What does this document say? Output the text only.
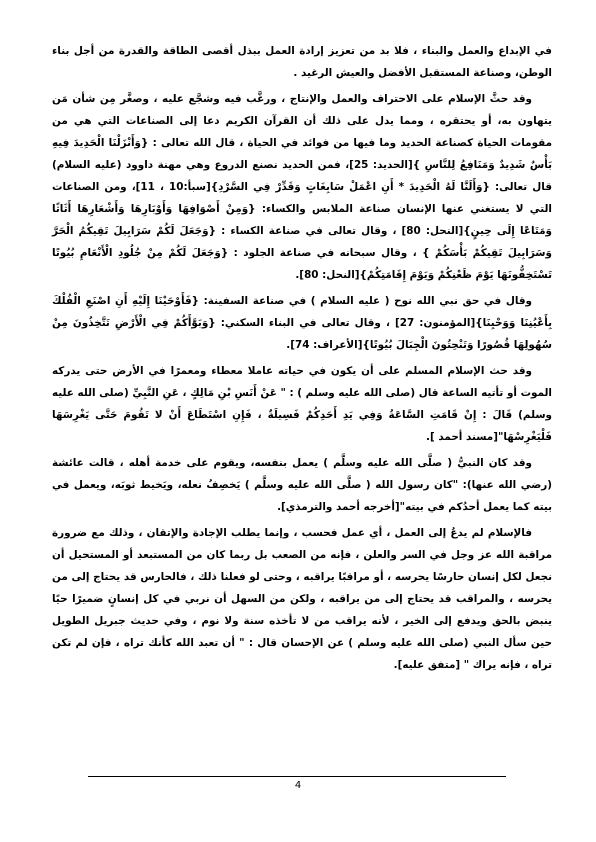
في الإبداع والعمل والبناء ، فلا بد من تعزيز إرادة العمل ببذل أقصى الطاقة والقدرة من أجل بناء الوطن، وصناعة المستقبل الأفضل والعيش الرغيد .

وقد حثَّ الإسلام على الاحتراف والعمل والإنتاج ، ورغَّب فيه وشجَّع عليه ، وصغَّر مِن شأن مَن يتهاون به، أو يحتقره ، ومما يدل على ذلك أن القرآن الكريم دعا إلى الصناعات التي هي من مقومات الحياة كصناعة الحديد وما فيها من فوائد في الحياة ، قال الله تعالى : {وَأَنْزَلْنَا الْحَدِيدَ فِيهِ بَأْسٌ شَدِيدٌ وَمَنَافِعُ لِلنَّاسِ }[الحديد: 25]، فمن الحديد نصنع الدروع وهي مهنة داوود (عليه السلام) قال تعالى: {وَأَلَنَّا لَهُ الْحَدِيدَ * أَنِ اعْمَلْ سَابِغَاتٍ وَقَدِّرْ فِي السَّرْدِ}[سبأ:10 ، 11]، ومن الصناعات التي لا يستغني عنها الإنسان صناعة الملابس والكساء: {وَمِنْ أَصْوَافِهَا وَأَوْبَارِهَا وَأَشْعَارِهَا أَثَاثًا وَمَتَاعًا إِلَى حِينٍ}[النحل: 80] ، وقال تعالى في صناعة الكساء : {وَجَعَلَ لَكُمْ سَرَابِيلَ تَقِيكُمُ الْحَرَّ وَسَرَابِيلَ تَقِيكُمْ بَأْسَكُمْ } ، وقال سبحانه في صناعة الجلود : {وَجَعَلَ لَكُمْ مِنْ جُلُودِ الْأَنْعَامِ بُيُوتًا تَسْتَخِفُّونَهَا يَوْمَ ظَعْنِكُمْ وَيَوْمَ إِقَامَتِكُمْ}[النحل: 80].

وقال في حق نبي الله نوح ( عليه السلام ) في صناعة السفينة: {فَأَوْحَيْنَا إِلَيْهِ أَنِ اصْنَعِ الْفُلْكَ بِأَعْيُنِنَا وَوَحْيِنَا}[المؤمنون: 27] ، وقال تعالى في البناء السكني: {وَبَوَّأَكُمْ فِي الْأَرْضِ تَتَّخِذُونَ مِنْ سُهُولِهَا قُصُورًا وَتَنْحِتُونَ الْجِبَالَ بُيُوتًا}[الأعراف: 74].

وقد حث الإسلام المسلم على أن يكون في حياته عاملا معطاء ومعمرًا في الأرض حتى يدركه الموت أو تأتيه الساعة قال (صلى الله عليه وسلم ) : " عَنْ أَنَسِ بْنِ مَالِكٍ ، عَنِ النَّبِيِّ (صلى الله عليه وسلم) قَالَ : إِنْ قَامَتِ السَّاعَةُ وَفِي يَدِ أَحَدِكُمْ فَسِيلَةٌ ، فَإِنِ اسْتَطَاعَ أَنْ لا تَقُومَ حَتَّى يَغْرِسَهَا فَلْيَغْرِسْهَا"[مسند أحمد ].

وقد كان النبيُّ ( صلَّى الله عليه وسلَّم ) يعمل بنفسه، ويقوم على خدمة أهله ، قالت عائشة (رضي الله عنها): "كان رسول الله ( صلَّى الله عليه وسلَّم ) يَخصِفُ نعله، ويَخيط ثوبَه، ويعمل في بيته كما يعمل أحدُكم في بيته"[أخرجه أحمد والترمذي].

فالإسلام لم يدعُ إلى العمل ، أي عمل فحسب ، وإنما يطلب الإجادة والإتقان ، وذلك مع ضرورة مراقبة الله عز وجل في السر والعلن ، فإنه من الصعب بل ربما كان من المستبعد أو المستحيل أن نجعل لكل إنسان حارسًا يحرسه ، أو مراقبًا يراقبه ، وحتى لو فعلنا ذلك ، فالحارس قد يحتاج إلى من يحرسه ، والمراقب قد يحتاج إلى من يراقبه ، ولكن من السهل أن نربي في كل إنسانٍ ضميرًا حيًا ينبض بالحق ويدفع إلى الخير ، لأنه يراقب من لا تأخذه سنة ولا نوم ، وفي حديث جبريل الطويل حين سأل النبي (صلى الله عليه وسلم ) عن الإحسان قال : " أن تعبد الله كأنك تراه ، فإن لم تكن تراه ، فإنه يراك " [متفق عليه].

4
